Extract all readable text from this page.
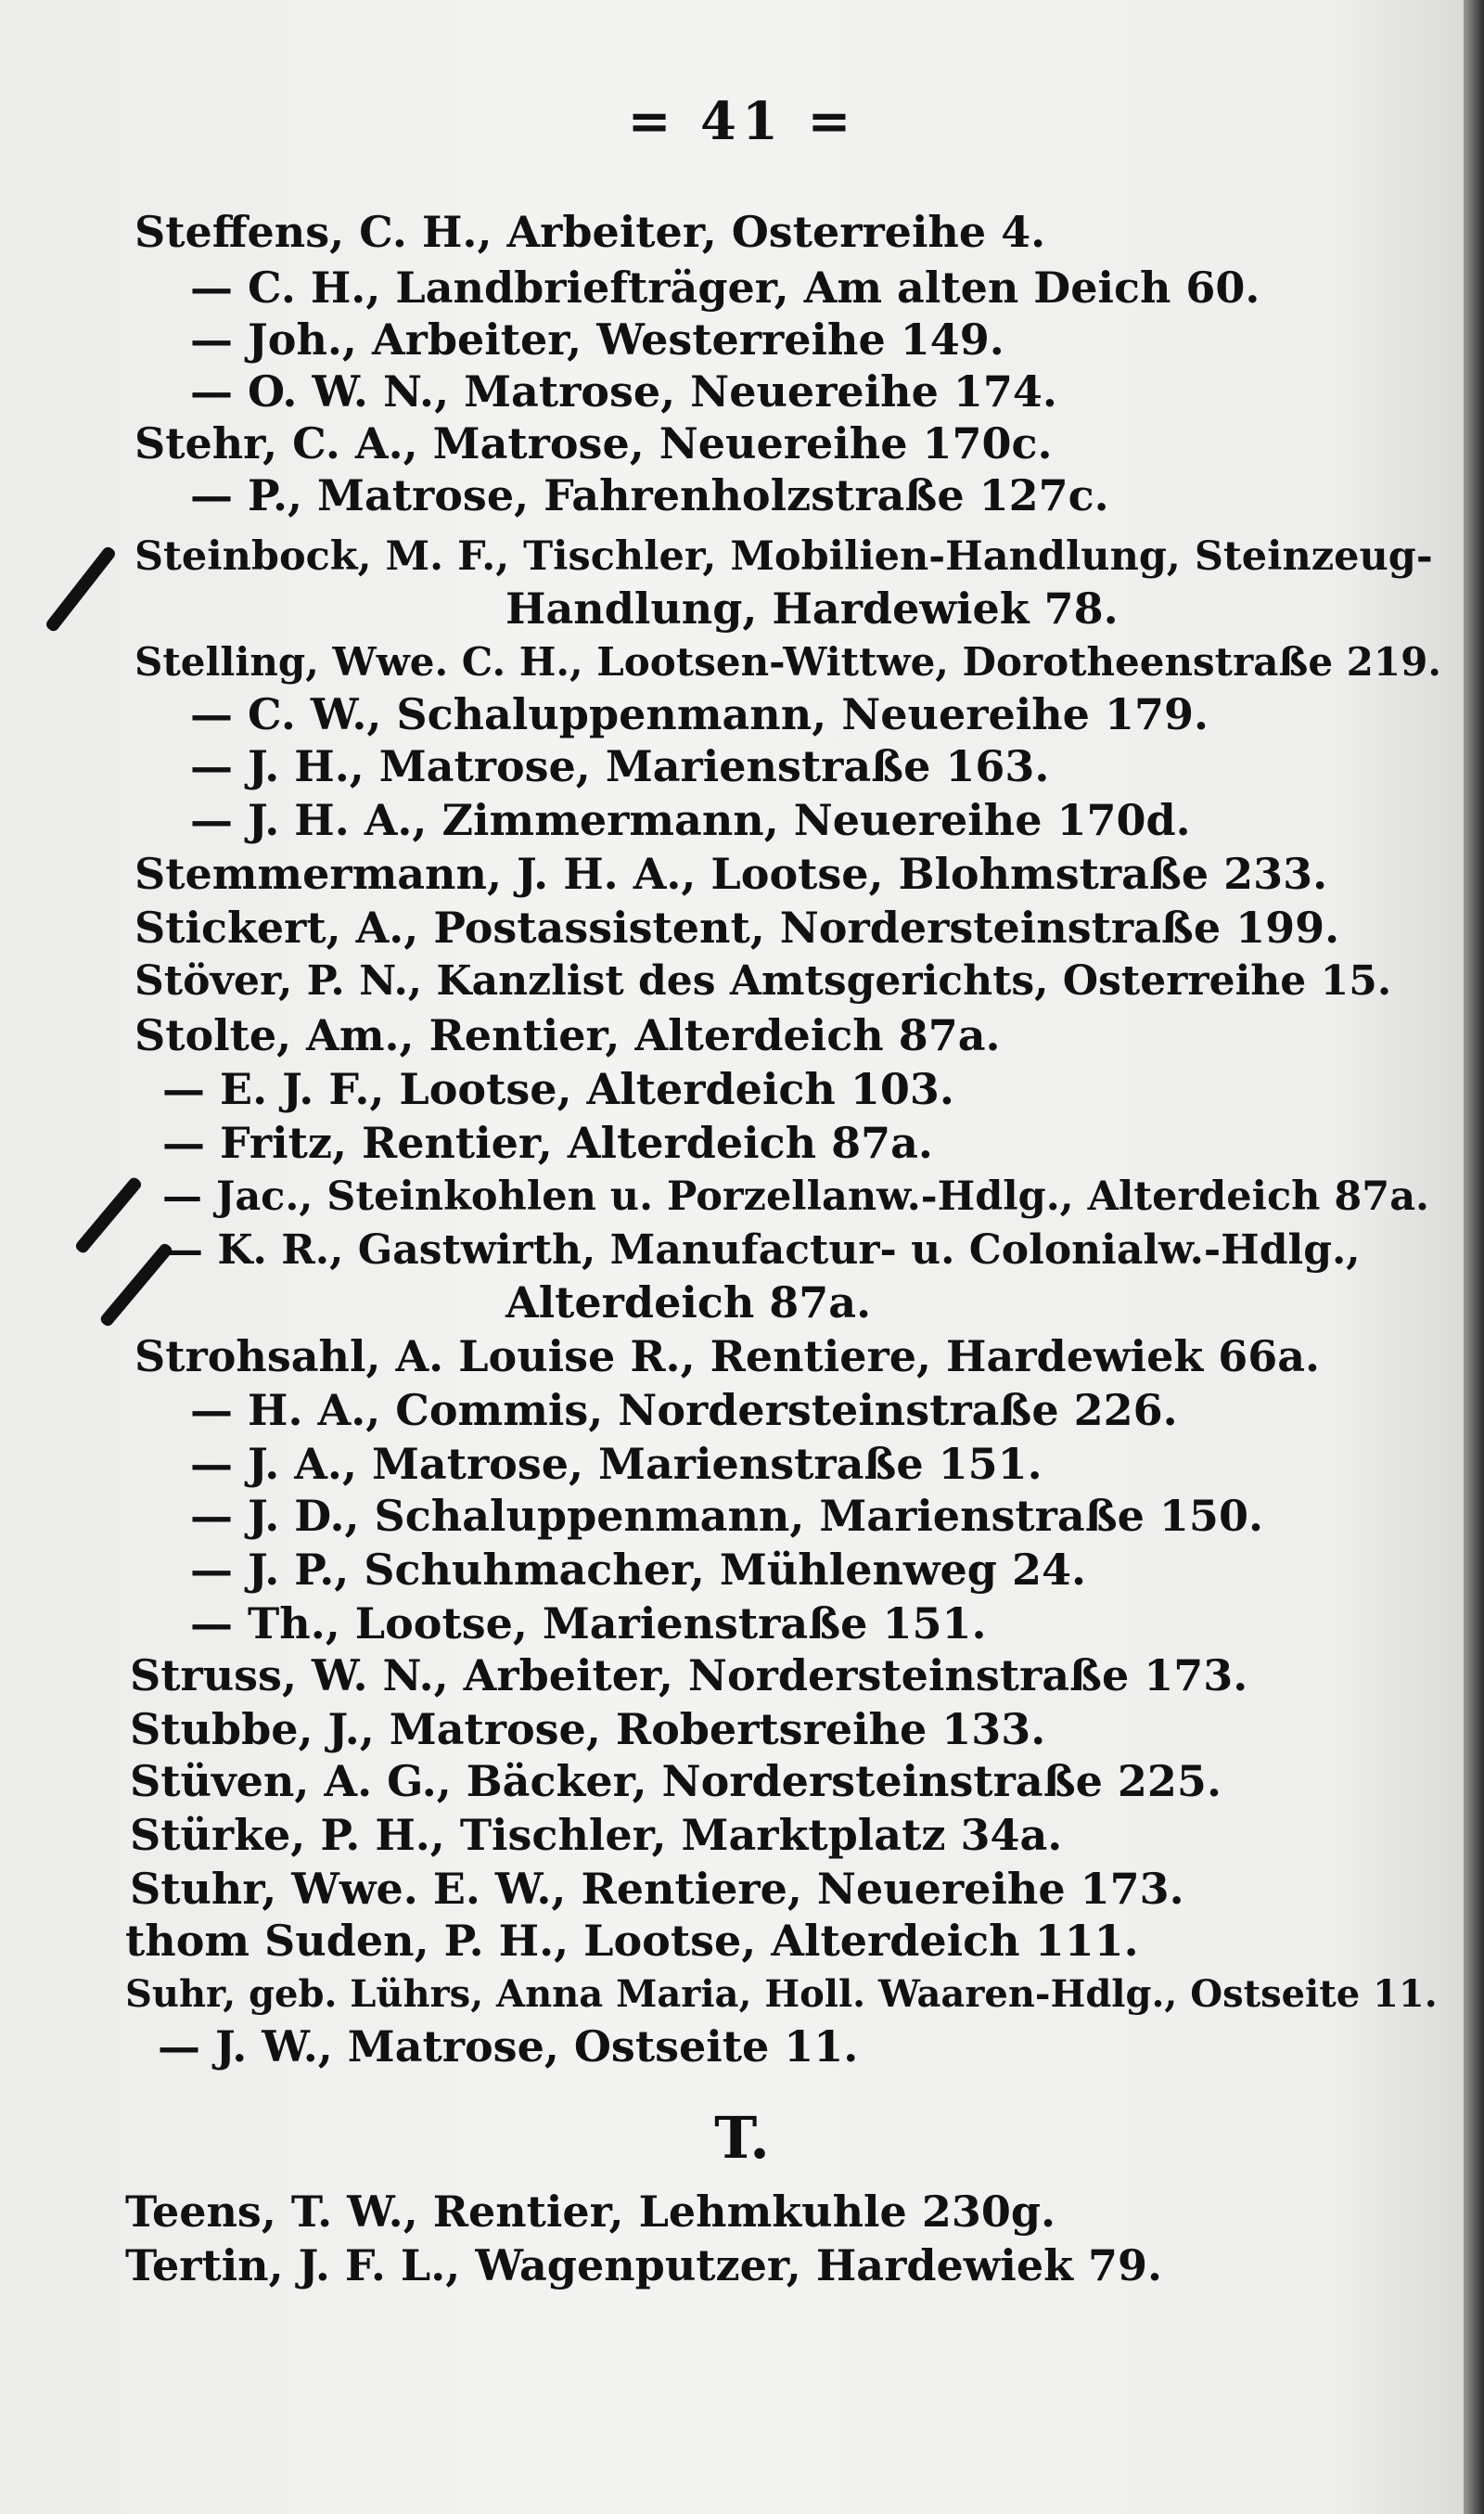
= 41 =
Steffens, C. H., Arbeiter, Osterreihe 4.
— C. H., Landbriefträger, Am alten Deich 60.
— Joh., Arbeiter, Westerreihe 149.
— O. W. N., Matrose, Neuereihe 174.
Stehr, C. A., Matrose, Neuereihe 170c.
— P., Matrose, Fahrenholzstraße 127c.
Steinbock, M. F., Tischler, Mobilien-Handlung, Steinzeug-
Handlung, Hardewiek 78.
Stelling, Wwe. C. H., Lootsen-Wittwe, Dorotheenstraße 219.
— C. W., Schaluppenmann, Neuereihe 179.
— J. H., Matrose, Marienstraße 163.
— J. H. A., Zimmermann, Neuereihe 170d.
Stemmermann, J. H. A., Lootse, Blohmstraße 233.
Stickert, A., Postassistent, Nordersteinstraße 199.
Stöver, P. N., Kanzlist des Amtsgerichts, Osterreihe 15.
Stolte, Am., Rentier, Alterdeich 87a.
— E. J. F., Lootse, Alterdeich 103.
— Fritz, Rentier, Alterdeich 87a.
— Jac., Steinkohlen u. Porzellanw.-Hdlg., Alterdeich 87a.
— K. R., Gastwirth, Manufactur- u. Colonialw.-Hdlg.,
Alterdeich 87a.
Strohsahl, A. Louise R., Rentiere, Hardewiek 66a.
— H. A., Commis, Nordersteinstraße 226.
— J. A., Matrose, Marienstraße 151.
— J. D., Schaluppenmann, Marienstraße 150.
— J. P., Schuhmacher, Mühlenweg 24.
— Th., Lootse, Marienstraße 151.
Struss, W. N., Arbeiter, Nordersteinstraße 173.
Stubbe, J., Matrose, Robertsreihe 133.
Stüven, A. G., Bäcker, Nordersteinstraße 225.
Stürke, P. H., Tischler, Marktplatz 34a.
Stuhr, Wwe. E. W., Rentiere, Neuereihe 173.
thom Suden, P. H., Lootse, Alterdeich 111.
Suhr, geb. Lührs, Anna Maria, Holl. Waaren-Hdlg., Ostseite 11.
— J. W., Matrose, Ostseite 11.
T.
Teens, T. W., Rentier, Lehmkuhle 230g.
Tertin, J. F. L., Wagenputzer, Hardewiek 79.
